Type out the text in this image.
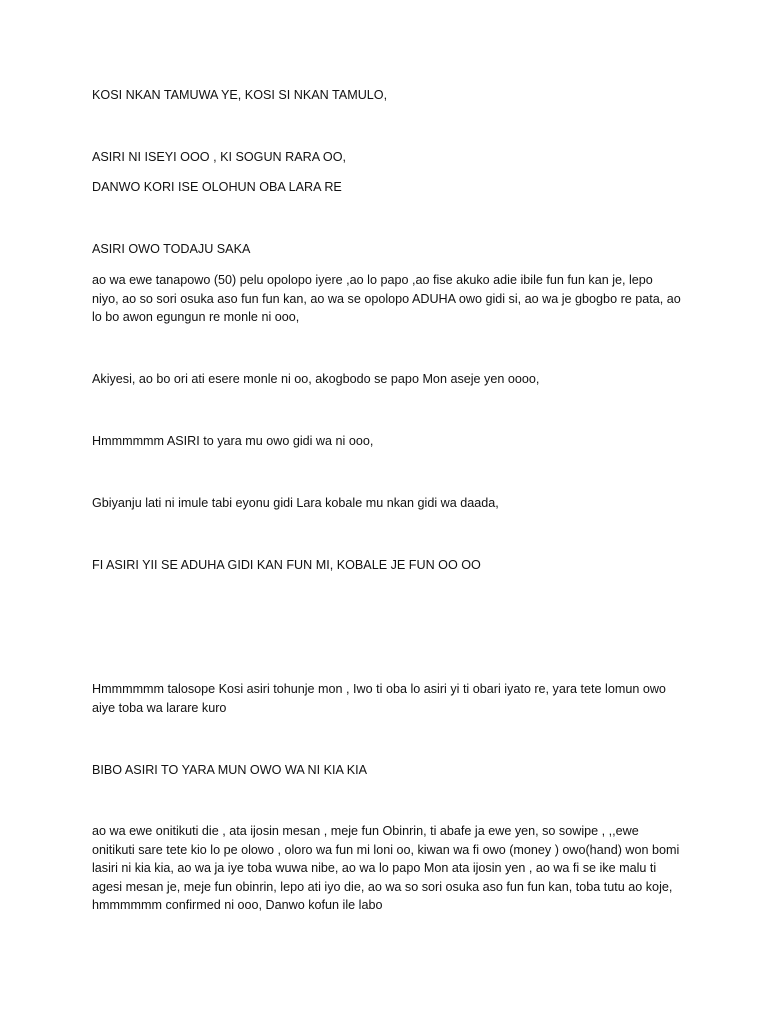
KOSI NKAN TAMUWA YE, KOSI SI NKAN TAMULO,

ASIRI NI ISEYI OOO , KI SOGUN RARA OO,

DANWO KORI ISE OLOHUN OBA LARA RE

ASIRI OWO TODAJU SAKA

ao wa ewe tanapowo (50) pelu opolopo iyere ,ao lo papo ,ao fise akuko adie ibile fun fun kan je, lepo niyo, ao so sori osuka aso fun fun kan, ao wa se opolopo ADUHA owo gidi si, ao wa je gbogbo re pata, ao lo bo awon egungun re monle ni ooo,

Akiyesi, ao bo ori ati esere monle ni oo, akogbodo se papo Mon aseje yen oooo,

Hmmmmmm ASIRI to yara mu owo gidi wa ni ooo,

Gbiyanju lati ni imule tabi eyonu gidi Lara kobale mu nkan gidi wa daada,

FI ASIRI YII SE ADUHA GIDI KAN FUN MI, KOBALE JE FUN OO OO

Hmmmmmm talosope Kosi asiri tohunje mon , Iwo ti oba lo asiri yi ti obari iyato re, yara tete lomun owo aiye toba wa larare kuro

BIBO ASIRI TO YARA MUN OWO WA NI KIA KIA

ao wa ewe onitikuti die , ata ijosin mesan , meje fun Obinrin, ti abafe ja ewe yen, so sowipe , ,,ewe onitikuti sare tete kio lo pe olowo , oloro wa fun mi loni oo, kiwan wa fi owo (money ) owo(hand) won bomi lasiri ni kia kia, ao wa ja iye toba wuwa nibe, ao wa lo papo Mon ata ijosin yen , ao wa fi se ike malu ti agesi mesan je, meje fun obinrin, lepo ati iyo die, ao wa so sori osuka aso fun fun kan, toba tutu ao koje, hmmmmmm confirmed ni ooo, Danwo kofun ile labo
